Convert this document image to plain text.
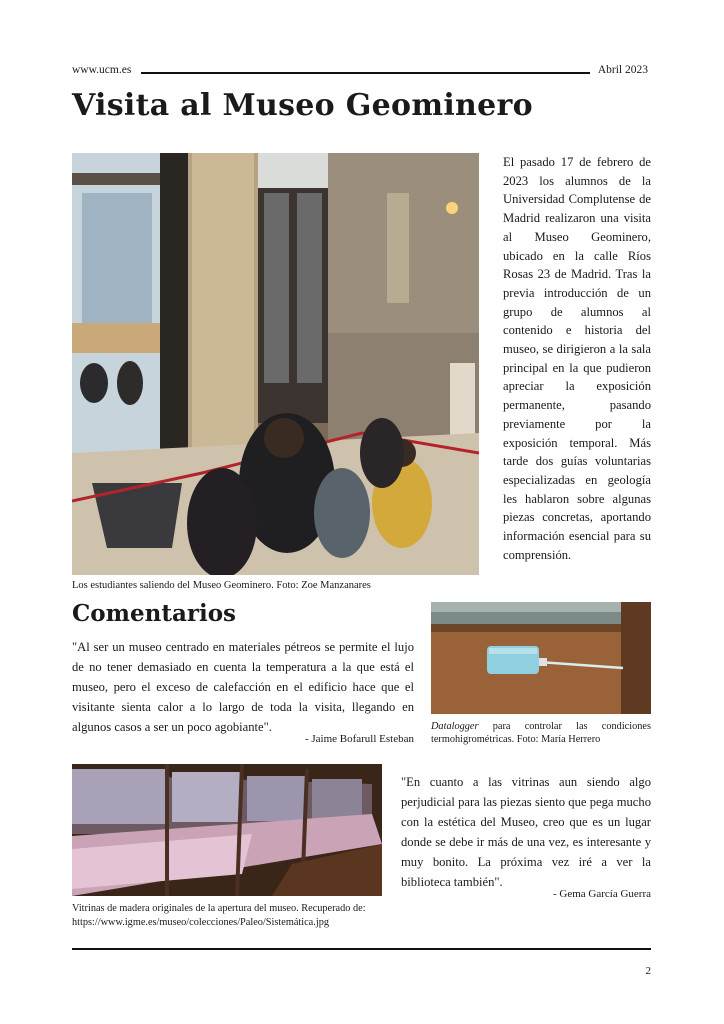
www.ucm.es	Abril 2023
Visita al Museo Geominero
Los estudiantes saliendo del Museo Geominero. Foto: Zoe Manzanares

El pasado 17 de febrero de 2023 los alumnos de la Universidad Complutense de Madrid realizaron una visita al Museo Geominero, ubicado en la calle Ríos Rosas 23 de Madrid. Tras la previa introducción de un grupo de alumnos al contenido e historia del museo, se dirigieron a la sala principal en la que pudieron apreciar la exposición permanente, pasando previamente por la exposición temporal. Más tarde dos guías voluntarias especializadas en geología les hablaron sobre algunas piezas concretas, aportando información esencial para su comprensión.

Comentarios

"Al ser un museo centrado en materiales pétreos se permite el lujo de no tener demasiado en cuenta la temperatura a la que está el museo, pero el exceso de calefacción en el edificio hace que el visitante sienta calor a lo largo de toda la visita, llegando en algunos casos a ser un poco agobiante".

- Jaime Bofarull Esteban
Datalogger para controlar las condiciones termohigrométricas. Foto: María Herrero
Vitrinas de madera originales de la apertura del museo. Recuperado de: https://www.igme.es/museo/colecciones/Paleo/Sistemática.jpg

"En cuanto a las vitrinas aun siendo algo perjudicial para las piezas siento que pega mucho con la estética del Museo, creo que es un lugar donde se debe ir más de una vez, es interesante y muy bonito. La próxima vez iré a ver la biblioteca también".

- Gema García Guerra
2
